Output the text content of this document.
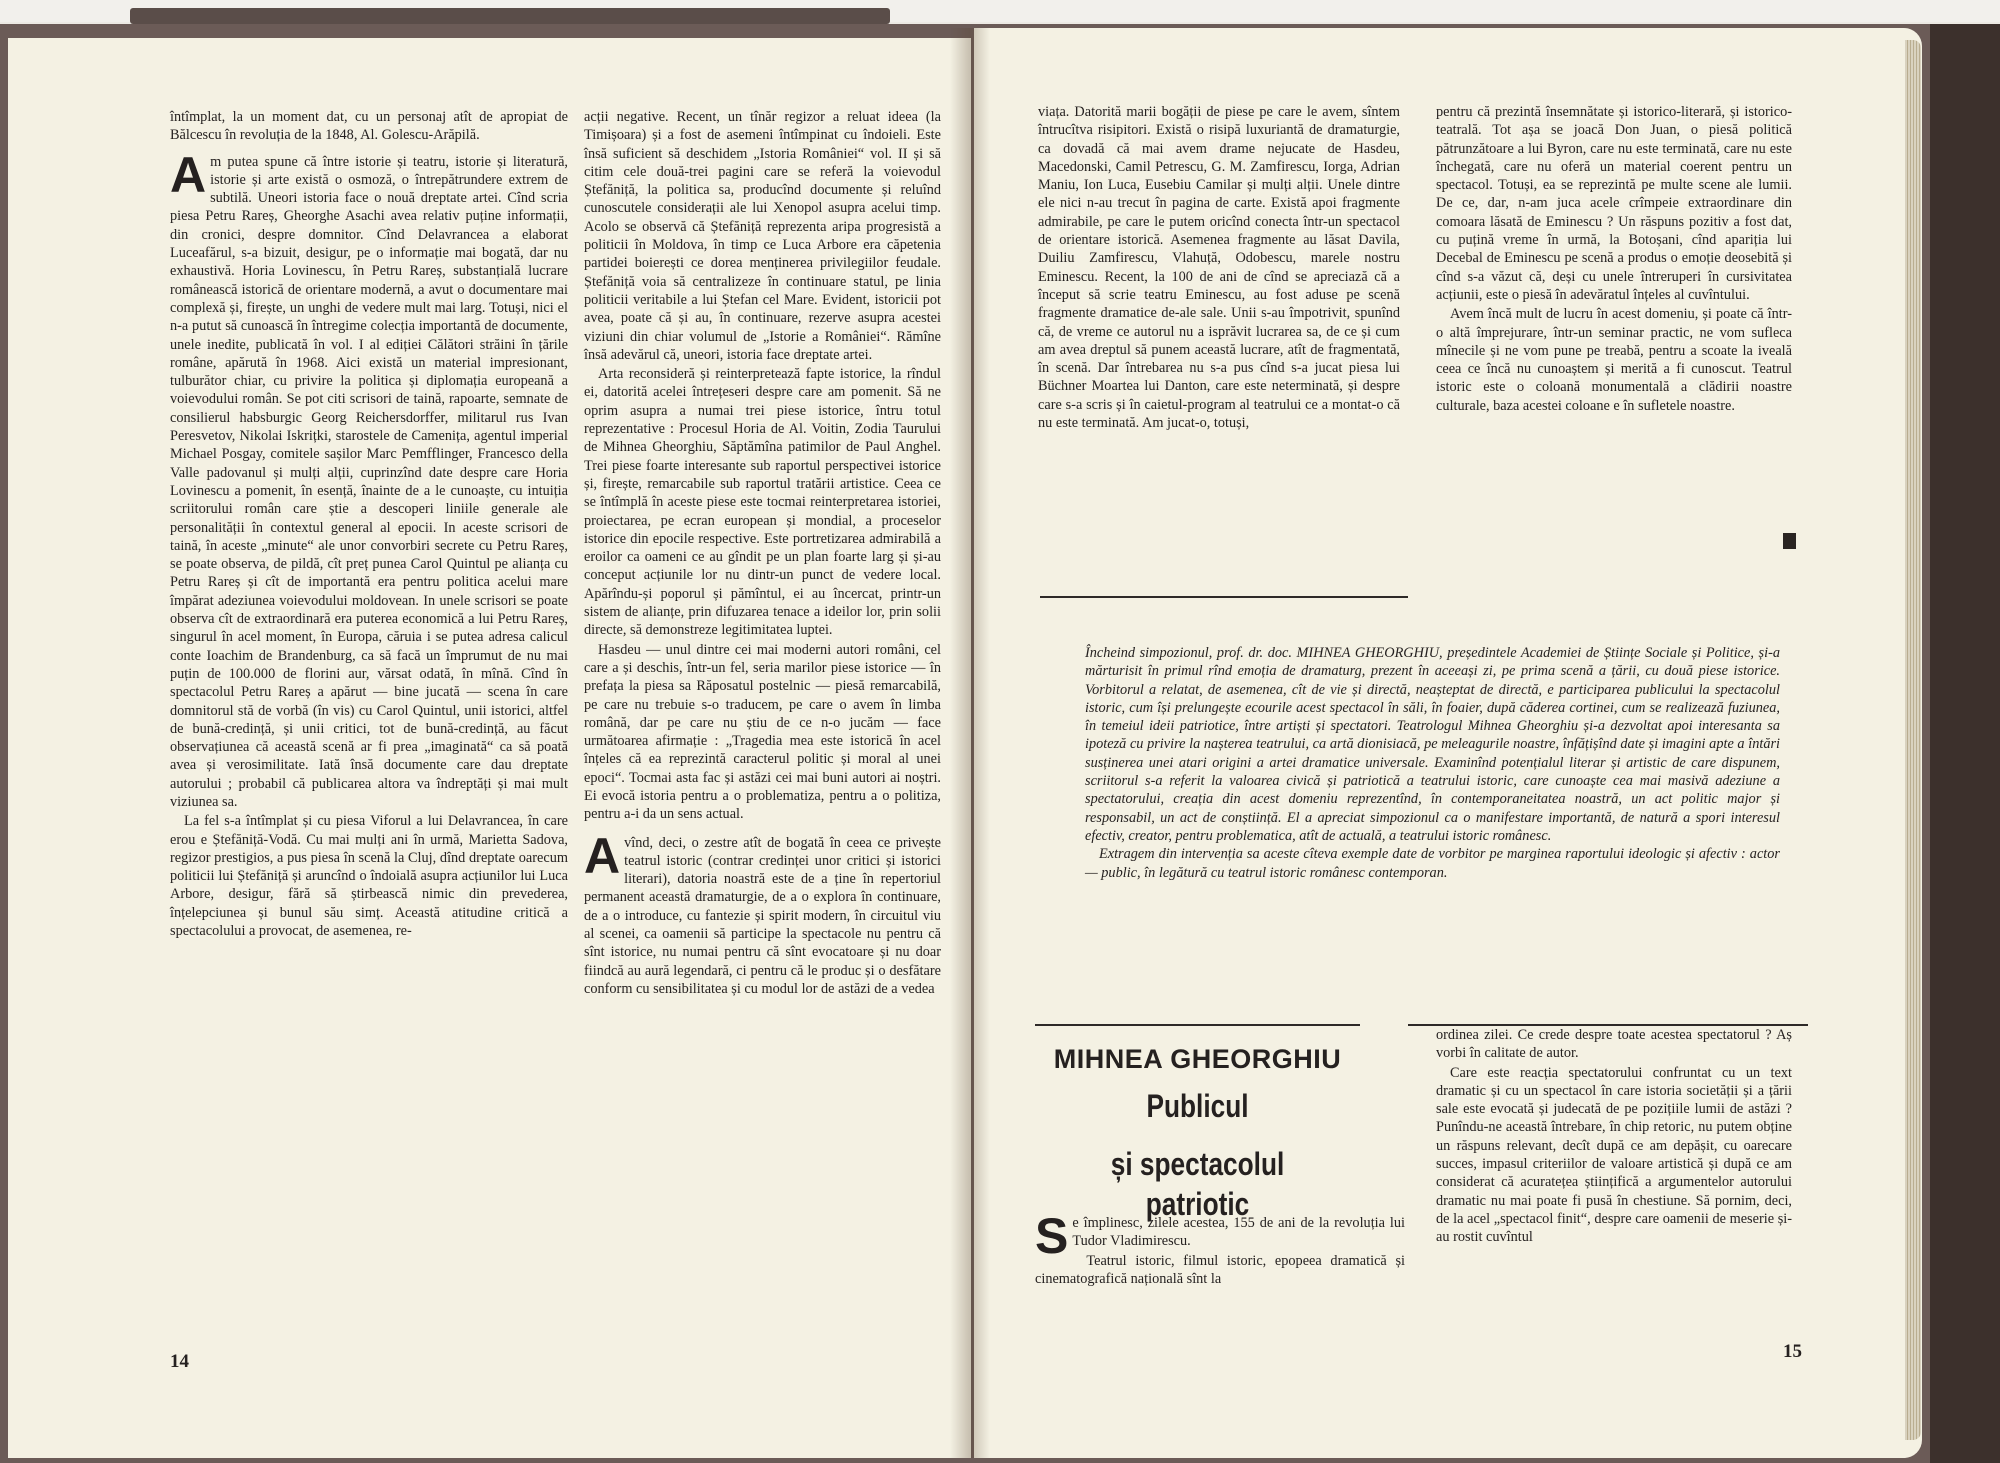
întîmplat, la un moment dat, cu un personaj atît de apropiat de Bălcescu în revoluția de la 1848, Al. Golescu-Arăpilă.

Am putea spune că între istorie și teatru, istorie și literatură, istorie și arte există o osmoză, o întrepătrundere extrem de subtilă. Uneori istoria face o nouă dreptate artei. Cînd scria piesa Petru Rareș, Gheorghe Asachi avea relativ puține informații, din cronici, despre domnitor. Cînd Delavrancea a elaborat Luceafărul, s-a bizuit, desigur, pe o informație mai bogată, dar nu exhaustivă. Horia Lovinescu, în Petru Rareș, substanțială lucrare românească istorică de orientare modernă, a avut o documentare mai complexă și, firește, un unghi de vedere mult mai larg. Totuși, nici el n-a putut să cunoască în întregime colecția importantă de documente, unele inedite, publicată în vol. I al ediției Călători străini în țările române, apărută în 1968. Aici există un material impresionant, tulburător chiar, cu privire la politica și diplomația europeană a voievodului român. Se pot citi scrisori de taină, rapoarte, semnate de consilierul habsburgic Georg Reichersdorffer, militarul rus Ivan Peresvetov, Nikolai Iskrițki, starostele de Camenița, agentul imperial Michael Posgay, comitele sașilor Marc Pemfflinger, Francesco della Valle padovanul și mulți alții, cuprinzînd date despre care Horia Lovinescu a pomenit, în esență, înainte de a le cunoaște, cu intuiția scriitorului român care știe a descoperi liniile generale ale personalității în contextul general al epocii. In aceste scrisori de taină, în aceste „minute“ ale unor convorbiri secrete cu Petru Rareș, se poate observa, de pildă, cît preț punea Carol Quintul pe alianța cu Petru Rareș și cît de importantă era pentru politica acelui mare împărat adeziunea voievodului moldovean. In unele scrisori se poate observa cît de extraordinară era puterea economică a lui Petru Rareș, singurul în acel moment, în Europa, căruia i se putea adresa calicul conte Ioachim de Brandenburg, ca să facă un împrumut de nu mai puțin de 100.000 de florini aur, vărsat odată, în mînă. Cînd în spectacolul Petru Rareș a apărut — bine jucată — scena în care domnitorul stă de vorbă (în vis) cu Carol Quintul, unii istorici, altfel de bună-credință, și unii critici, tot de bună-credință, au făcut observațiunea că această scenă ar fi prea „imaginată“ ca să poată avea și verosimilitate. Iată însă documente care dau dreptate autorului ; probabil că publicarea altora va îndreptăți și mai mult viziunea sa.

La fel s-a întîmplat și cu piesa Viforul a lui Delavrancea, în care erou e Ștefăniță-Vodă. Cu mai mulți ani în urmă, Marietta Sadova, regizor prestigios, a pus piesa în scenă la Cluj, dînd dreptate oarecum politicii lui Ștefăniță și aruncînd o îndoială asupra acțiunilor lui Luca Arbore, desigur, fără să știrbească nimic din prevederea, înțelepciunea și bunul său simț. Această atitudine critică a spectacolului a provocat, de asemenea, re-

acții negative. Recent, un tînăr regizor a reluat ideea (la Timișoara) și a fost de asemeni întîmpinat cu îndoieli. Este însă suficient să deschidem „Istoria României“ vol. II și să citim cele două-trei pagini care se referă la voievodul Ștefăniță, la politica sa, producînd documente și reluînd cunoscutele considerații ale lui Xenopol asupra acelui timp. Acolo se observă că Ștefăniță reprezenta aripa progresistă a politicii în Moldova, în timp ce Luca Arbore era căpetenia partidei boierești ce dorea menținerea privilegiilor feudale. Ștefăniță voia să centralizeze în continuare statul, pe linia politicii veritabile a lui Ștefan cel Mare. Evident, istoricii pot avea, poate că și au, în continuare, rezerve asupra acestei viziuni din chiar volumul de „Istorie a României“. Rămîne însă adevărul că, uneori, istoria face dreptate artei.

Arta reconsideră și reinterpretează fapte istorice, la rîndul ei, datorită acelei întrețeseri despre care am pomenit. Să ne oprim asupra a numai trei piese istorice, întru totul reprezentative : Procesul Horia de Al. Voitin, Zodia Taurului de Mihnea Gheorghiu, Săptămîna patimilor de Paul Anghel. Trei piese foarte interesante sub raportul perspectivei istorice și, firește, remarcabile sub raportul tratării artistice. Ceea ce se întîmplă în aceste piese este tocmai reinterpretarea istoriei, proiectarea, pe ecran european și mondial, a proceselor istorice din epocile respective. Este portretizarea admirabilă a eroilor ca oameni ce au gîndit pe un plan foarte larg și și-au conceput acțiunile lor nu dintr-un punct de vedere local. Apărîndu-și poporul și pămîntul, ei au încercat, printr-un sistem de alianțe, prin difuzarea tenace a ideilor lor, prin solii directe, să demonstreze legitimitatea luptei.

Hasdeu — unul dintre cei mai moderni autori români, cel care a și deschis, într-un fel, seria marilor piese istorice — în prefața la piesa sa Răposatul postelnic — piesă remarcabilă, pe care nu trebuie s-o traducem, pe care o avem în limba română, dar pe care nu știu de ce n-o jucăm — face următoarea afirmație : „Tragedia mea este istorică în acel înțeles că ea reprezintă caracterul politic și moral al unei epoci“. Tocmai asta fac și astăzi cei mai buni autori ai noștri. Ei evocă istoria pentru a o problematiza, pentru a o politiza, pentru a-i da un sens actual.

Avînd, deci, o zestre atît de bogată în ceea ce privește teatrul istoric (contrar credinței unor critici și istorici literari), datoria noastră este de a ține în repertoriul permanent această dramaturgie, de a o explora în continuare, de a o introduce, cu fantezie și spirit modern, în circuitul viu al scenei, ca oamenii să participe la spectacole nu pentru că sînt istorice, nu numai pentru că sînt evocatoare și nu doar fiindcă au aură legendară, ci pentru că le produc și o desfătare conform cu sensibilitatea și cu modul lor de astăzi de a vedea

14

viața. Datorită marii bogății de piese pe care le avem, sîntem întrucîtva risipitori. Există o risipă luxuriantă de dramaturgie, ca dovadă că mai avem drame nejucate de Hasdeu, Macedonski, Camil Petrescu, G. M. Zamfirescu, Iorga, Adrian Maniu, Ion Luca, Eusebiu Camilar și mulți alții. Unele dintre ele nici n-au trecut în pagina de carte. Există apoi fragmente admirabile, pe care le putem oricînd conecta într-un spectacol de orientare istorică. Asemenea fragmente au lăsat Davila, Duiliu Zamfirescu, Vlahuță, Odobescu, marele nostru Eminescu. Recent, la 100 de ani de cînd se apreciază că a început să scrie teatru Eminescu, au fost aduse pe scenă fragmente dramatice de-ale sale. Unii s-au împotrivit, spunînd că, de vreme ce autorul nu a isprăvit lucrarea sa, de ce și cum am avea dreptul să punem această lucrare, atît de fragmentată, în scenă. Dar întrebarea nu s-a pus cînd s-a jucat piesa lui Büchner Moartea lui Danton, care este neterminată, și despre care s-a scris și în caietul-program al teatrului ce a montat-o că nu este terminată. Am jucat-o, totuși,

pentru că prezintă însemnătate și istorico-literară, și istorico-teatrală. Tot așa se joacă Don Juan, o piesă politică pătrunzătoare a lui Byron, care nu este terminată, care nu este închegată, care nu oferă un material coerent pentru un spectacol. Totuși, ea se reprezintă pe multe scene ale lumii. De ce, dar, n-am juca acele crîmpeie extraordinare din comoara lăsată de Eminescu ? Un răspuns pozitiv a fost dat, cu puțină vreme în urmă, la Botoșani, cînd apariția lui Decebal de Eminescu pe scenă a produs o emoție deosebită și cînd s-a văzut că, deși cu unele întreruperi în cursivitatea acțiunii, este o piesă în adevăratul înțeles al cuvîntului.

Avem încă mult de lucru în acest domeniu, și poate că într-o altă împrejurare, într-un seminar practic, ne vom sufleca mînecile și ne vom pune pe treabă, pentru a scoate la iveală ceea ce încă nu cunoaștem și merită a fi cunoscut. Teatrul istoric este o coloană monumentală a clădirii noastre culturale, baza acestei coloane e în sufletele noastre.

15

Încheind simpozionul, prof. dr. doc. MIHNEA GHEORGHIU, președintele Academiei de Științe Sociale și Politice, și-a mărturisit în primul rînd emoția de dramaturg, prezent în aceeași zi, pe prima scenă a țării, cu două piese istorice. Vorbitorul a relatat, de asemenea, cît de vie și directă, neașteptat de directă, e participarea publicului la spectacolul istoric, cum își prelungește ecourile acest spectacol în săli, în foaier, după căderea cortinei, cum se realizează fuziunea, în temeiul ideii patriotice, între artiști și spectatori. Teatrologul Mihnea Gheorghiu și-a dezvoltat apoi interesanta sa ipoteză cu privire la nașterea teatrului, ca artă dionisiacă, pe meleagurile noastre, înfățișînd date și imagini apte a întări susținerea unei atari origini a artei dramatice universale. Examinînd potențialul literar și artistic de care dispunem, scriitorul s-a referit la valoarea civică și patriotică a teatrului istoric, care cunoaște cea mai masivă adeziune a spectatorului, creația din acest domeniu reprezentînd, în contemporaneitatea noastră, un act politic major și responsabil, un act de conștiință. El a apreciat simpozionul ca o manifestare importantă, de natură a spori interesul efectiv, creator, pentru problematica, atît de actuală, a teatrului istoric românesc.

Extragem din intervenția sa aceste cîteva exemple date de vorbitor pe marginea raportului ideologic și afectiv : actor — public, în legătură cu teatrul istoric românesc contemporan.

MIHNEA GHEORGHIU

Publicul

și spectacolul patriotic

Se împlinesc, zilele acestea, 155 de ani de la revoluția lui Tudor Vladimirescu.

Teatrul istoric, filmul istoric, epopeea dramatică și cinematografică națională sînt la

ordinea zilei. Ce crede despre toate acestea spectatorul ? Aș vorbi în calitate de autor.

Care este reacția spectatorului confruntat cu un text dramatic și cu un spectacol în care istoria societății și a țării sale este evocată și judecată de pe pozițiile lumii de astăzi ? Punîndu-ne această întrebare, în chip retoric, nu putem obține un răspuns relevant, decît după ce am depășit, cu oarecare succes, impasul criteriilor de valoare artistică și după ce am considerat că acuratețea științifică a argumentelor autorului dramatic nu mai poate fi pusă în chestiune. Să pornim, deci, de la acel „spectacol finit“, despre care oamenii de meserie și-au rostit cuvîntul
